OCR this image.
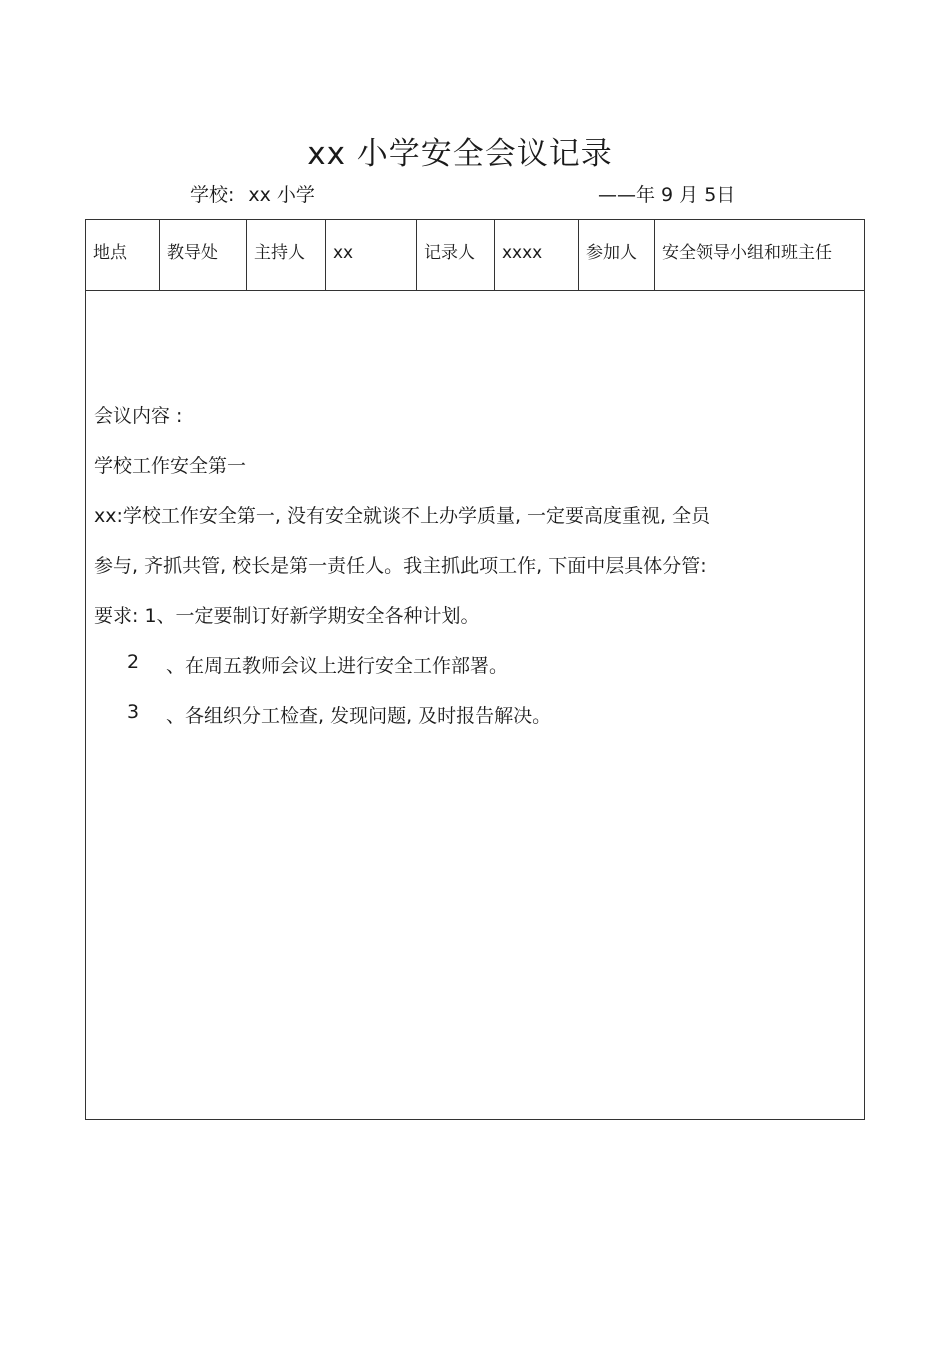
xx 小学安全会议记录
学校: xx 小学	——年 9 月 5日
地点	教导处	主持人	xx	记录人	xxxx	参加人	安全领导小组和班主任
会议内容 :
学校工作安全第一
xx:学校工作安全第一, 没有安全就谈不上办学质量, 一定要高度重视, 全员
参与, 齐抓共管, 校长是第一责任人。我主抓此项工作, 下面中层具体分管:
要求: 1、一定要制订好新学期安全各种计划。
2 、在周五教师会议上进行安全工作部署。
3 、各组织分工检查, 发现问题, 及时报告解决。
